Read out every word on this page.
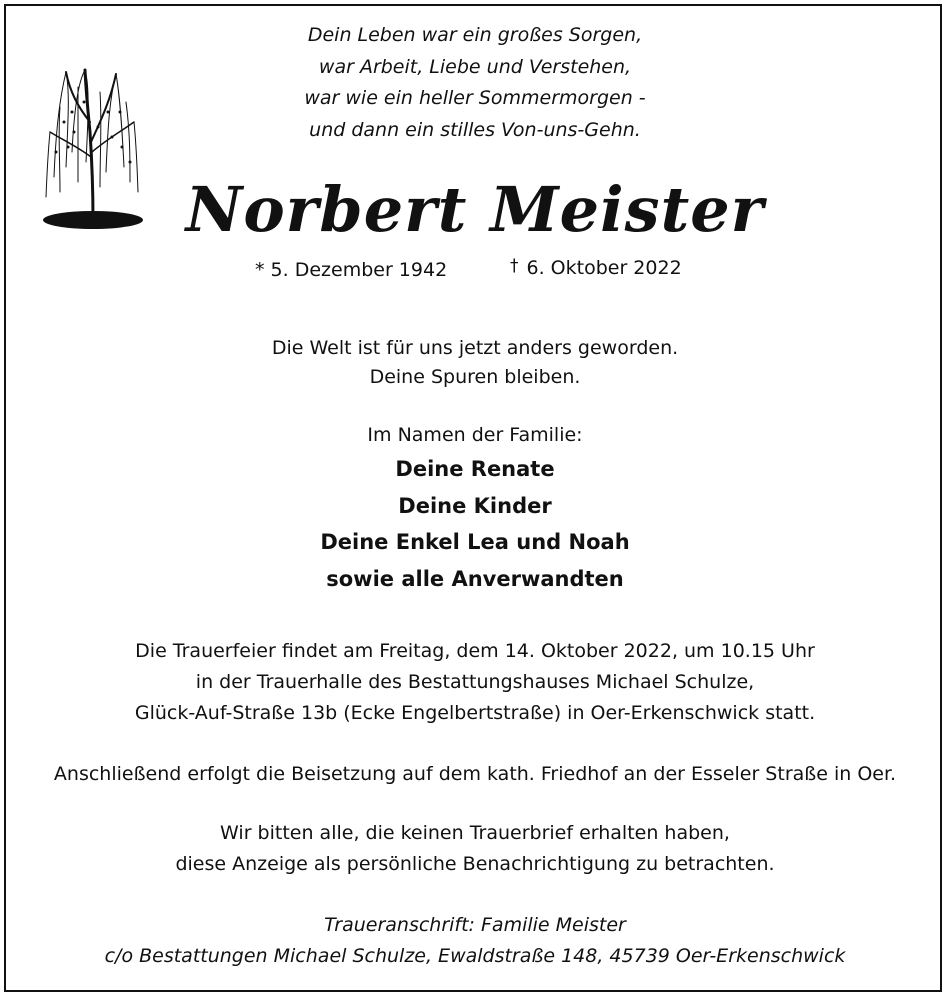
Dein Leben war ein großes Sorgen,
war Arbeit, Liebe und Verstehen,
war wie ein heller Sommermorgen -
und dann ein stilles Von-uns-Gehn.
Norbert Meister
* 5. Dezember 1942	† 6. Oktober 2022
Die Welt ist für uns jetzt anders geworden.
Deine Spuren bleiben.
Im Namen der Familie:
Deine Renate
Deine Kinder
Deine Enkel Lea und Noah
sowie alle Anverwandten
Die Trauerfeier findet am Freitag, dem 14. Oktober 2022, um 10.15 Uhr
in der Trauerhalle des Bestattungshauses Michael Schulze,
Glück-Auf-Straße 13b (Ecke Engelbertstraße) in Oer-Erkenschwick statt.
Anschließend erfolgt die Beisetzung auf dem kath. Friedhof an der Esseler Straße in Oer.
Wir bitten alle, die keinen Trauerbrief erhalten haben,
diese Anzeige als persönliche Benachrichtigung zu betrachten.
Traueranschrift: Familie Meister
c/o Bestattungen Michael Schulze, Ewaldstraße 148, 45739 Oer-Erkenschwick
